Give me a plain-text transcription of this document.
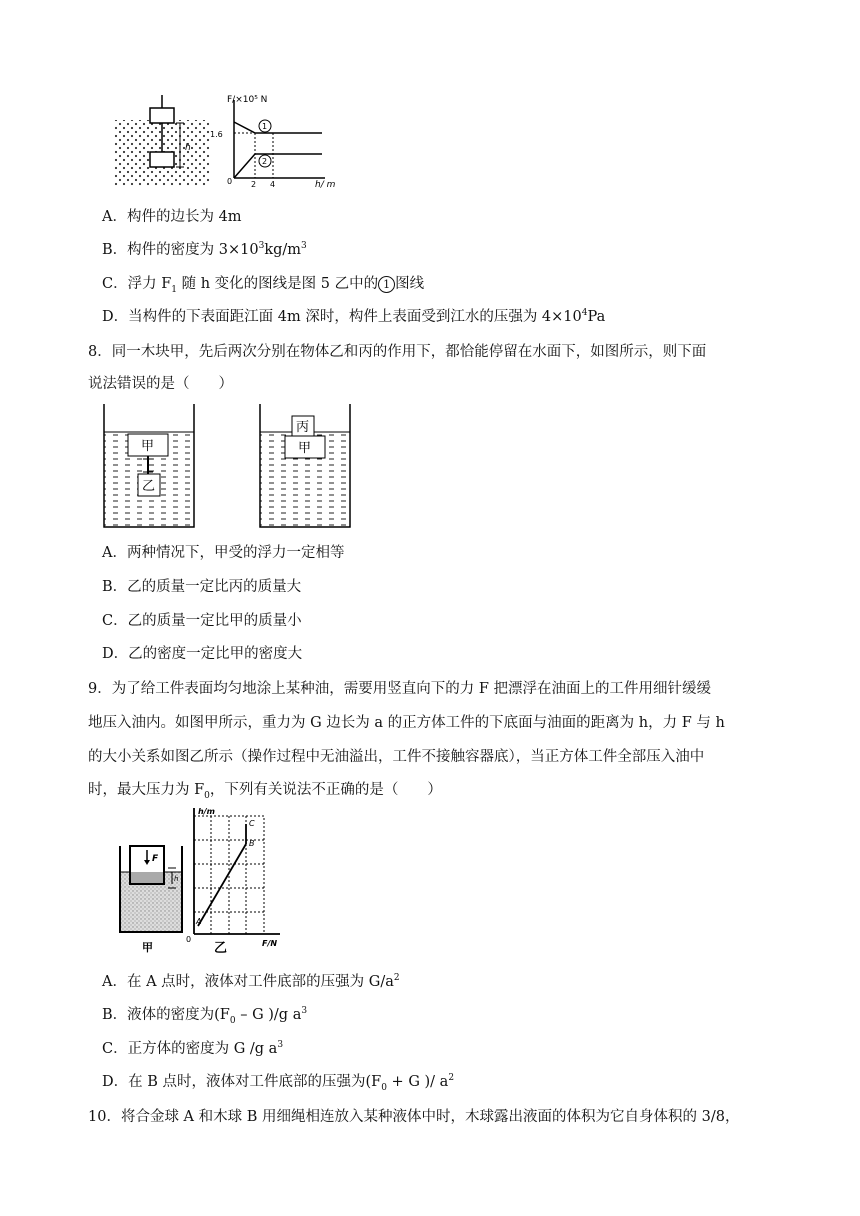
h
F/×10⁵ N
1.6
0 2 4	h/ m
1
2
A．构件的边长为 4m
B．构件的密度为 $3\times 10^3kg/m^3$
C．浮力 $F_1$ 随 h 变化的图线是图 5 乙中的 1 图线
D．当构件的下表面距江面 4m 深时，构件上表面受到江水的压强为 $4\times 10^4Pa$
8．同一木块甲，先后两次分别在物体乙和丙的作用下，都恰能停留在水面下，如图所示，则下面
说法错误的是（　　）
甲
乙
丙
甲
A．两种情况下，甲受的浮力一定相等
B．乙的质量一定比丙的质量大
C．乙的质量一定比甲的质量小
D．乙的密度一定比甲的密度大
9．为了给工件表面均匀地涂上某种油，需要用竖直向下的力 F 把漂浮在油面上的工件用细针缓缓
地压入油内。如图甲所示，重力为 G 边长为 a 的正方体工件的下底面与油面的距离为 h，力 F 与 h
的大小关系如图乙所示（操作过程中无油溢出，工件不接触容器底），当正方体工件全部压入油中
时，最大压力为 $F_0$，下列有关说法不正确的是（　　）
F
h
甲
h/m
0
A
B
C
F/N
乙
A．在 A 点时，液体对工件底部的压强为 $G/a^2$
B．液体的密度为($F_0$ – G )/g $a^3$
C．正方体的密度为 G /g $a^3$
D．在 B 点时，液体对工件底部的压强为($F_0 + G$ )/ $a^2$
10．将合金球 A 和木球 B 用细绳相连放入某种液体中时，木球露出液面的体积为它自身体积的 3/8，
